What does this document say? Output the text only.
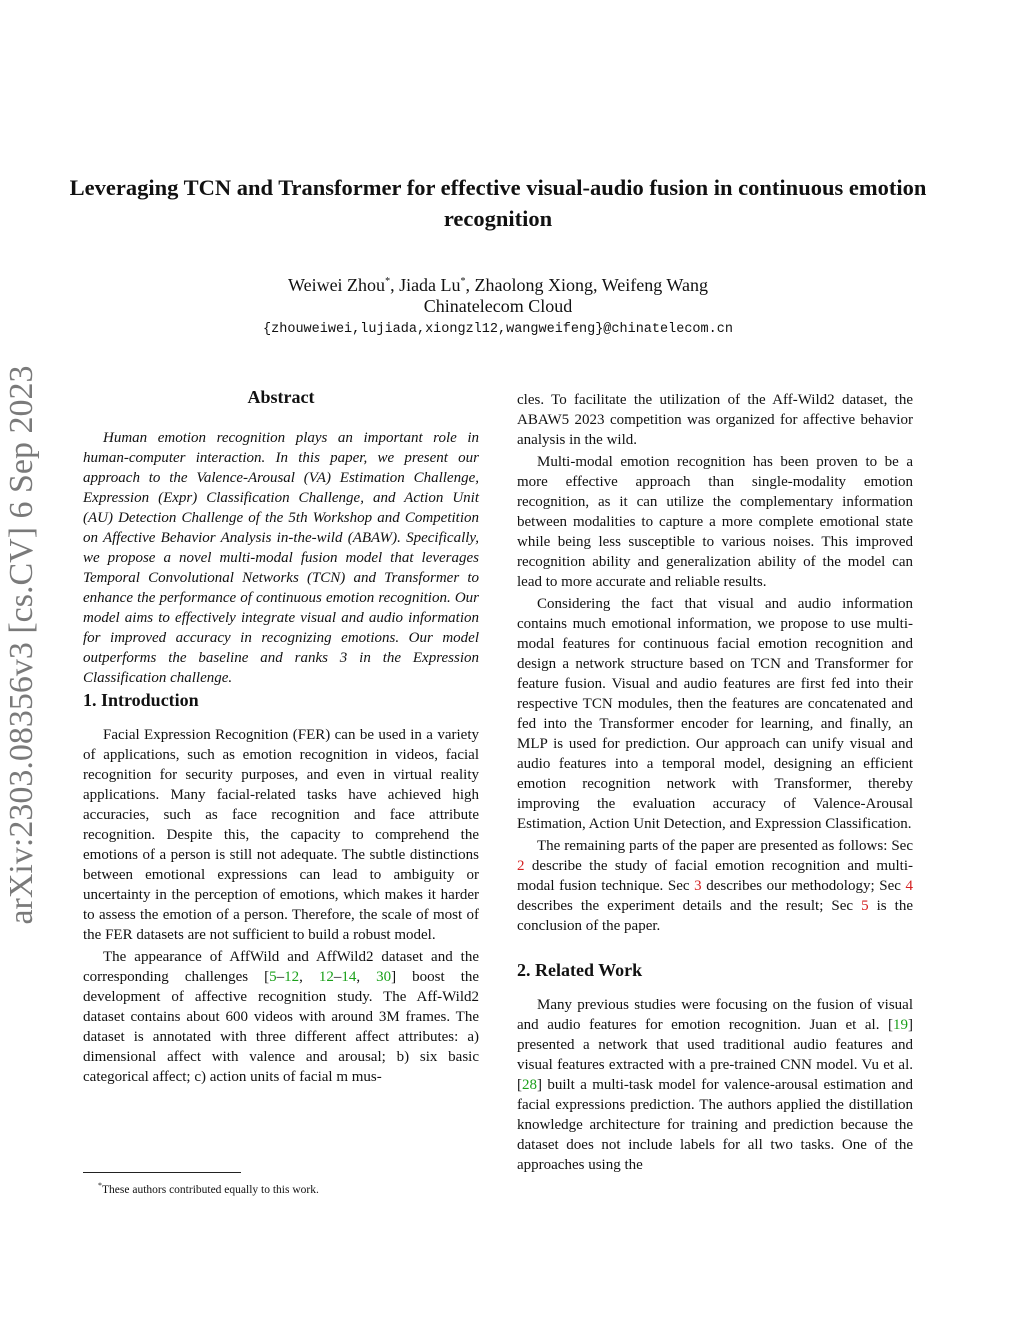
arXiv:2303.08356v3 [cs.CV] 6 Sep 2023
Leveraging TCN and Transformer for effective visual-audio fusion in continuous emotion recognition
Weiwei Zhou*, Jiada Lu*, Zhaolong Xiong, Weifeng Wang
Chinatelecom Cloud
{zhouweiwei,lujiada,xiongzl12,wangweifeng}@chinatelecom.cn
Abstract

Human emotion recognition plays an important role in human-computer interaction. In this paper, we present our approach to the Valence-Arousal (VA) Estimation Challenge, Expression (Expr) Classification Challenge, and Action Unit (AU) Detection Challenge of the 5th Workshop and Competition on Affective Behavior Analysis in-the-wild (ABAW). Specifically, we propose a novel multi-modal fusion model that leverages Temporal Convolutional Networks (TCN) and Transformer to enhance the performance of continuous emotion recognition. Our model aims to effectively integrate visual and audio information for improved accuracy in recognizing emotions. Our model outperforms the baseline and ranks 3 in the Expression Classification challenge.

1. Introduction

Facial Expression Recognition (FER) can be used in a variety of applications, such as emotion recognition in videos, facial recognition for security purposes, and even in virtual reality applications. Many facial-related tasks have achieved high accuracies, such as face recognition and face attribute recognition. Despite this, the capacity to comprehend the emotions of a person is still not adequate. The subtle distinctions between emotional expressions can lead to ambiguity or uncertainty in the perception of emotions, which makes it harder to assess the emotion of a person. Therefore, the scale of most of the FER datasets are not sufficient to build a robust model.

The appearance of AffWild and AffWild2 dataset and the corresponding challenges [5–12, 12–14, 30] boost the development of affective recognition study. The Aff-Wild2 dataset contains about 600 videos with around 3M frames. The dataset is annotated with three different affect attributes: a) dimensional affect with valence and arousal; b) six basic categorical affect; c) action units of facial m mus-

cles. To facilitate the utilization of the Aff-Wild2 dataset, the ABAW5 2023 competition was organized for affective behavior analysis in the wild.

Multi-modal emotion recognition has been proven to be a more effective approach than single-modality emotion recognition, as it can utilize the complementary information between modalities to capture a more complete emotional state while being less susceptible to various noises. This improved recognition ability and generalization ability of the model can lead to more accurate and reliable results.

Considering the fact that visual and audio information contains much emotional information, we propose to use multi-modal features for continuous facial emotion recognition and design a network structure based on TCN and Transformer for feature fusion. Visual and audio features are first fed into their respective TCN modules, then the features are concatenated and fed into the Transformer encoder for learning, and finally, an MLP is used for prediction. Our approach can unify visual and audio features into a temporal model, designing an efficient emotion recognition network with Transformer, thereby improving the evaluation accuracy of Valence-Arousal Estimation, Action Unit Detection, and Expression Classification.

The remaining parts of the paper are presented as follows: Sec 2 describe the study of facial emotion recognition and multi-modal fusion technique. Sec 3 describes our methodology; Sec 4 describes the experiment details and the result; Sec 5 is the conclusion of the paper.

2. Related Work

Many previous studies were focusing on the fusion of visual and audio features for emotion recognition. Juan et al. [19] presented a network that used traditional audio features and visual features extracted with a pre-trained CNN model. Vu et al. [28] built a multi-task model for valence-arousal estimation and facial expressions prediction. The authors applied the distillation knowledge architecture for training and prediction because the dataset does not include labels for all two tasks. One of the approaches using the

*These authors contributed equally to this work.
